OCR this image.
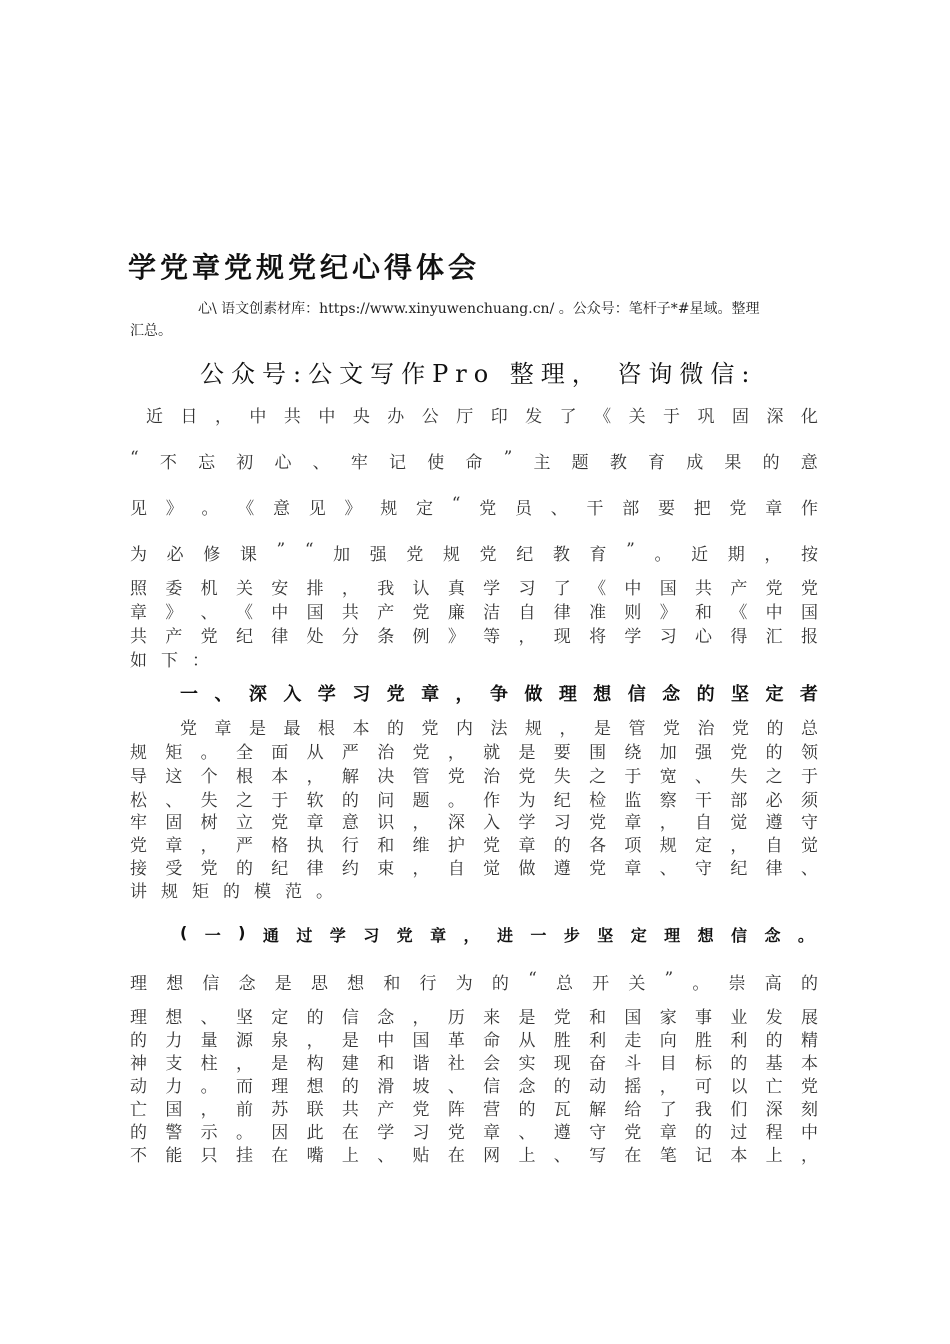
学党章党规党纪心得体会

心\ 语文创素材库：https://www.xinyuwenchuang.cn/ 。公众号：笔杆子*#星域。整理
汇总。

公众号:公文写作Pro 整理， 咨询微信:

近 日 ， 中 共 中 央 办 公 厅 印 发 了 《 关 于 巩 固 深 化
“ 不 忘 初 心 、 牢 记 使 命 ” 主 题 教 育 成 果 的 意
见 》 。 《 意 见 》 规 定 “ 党 员 、 干 部 要 把 党 章 作
为 必 修 课 ” “ 加 强 党 规 党 纪 教 育 ” 。 近 期 ， 按
照 委 机 关 安 排 ， 我 认 真 学 习 了 《 中 国 共 产 党 党
章 》 、 《 中 国 共 产 党 廉 洁 自 律 准 则 》 和 《 中 国
共 产 党 纪 律 处 分 条 例 》 等 ， 现 将 学 习 心 得 汇 报
如 下 ：
一 、 深 入 学 习 党 章 ， 争 做 理 想 信 念 的 坚 定 者
党 章 是 最 根 本 的 党 内 法 规 ， 是 管 党 治 党 的 总
规 矩 。 全 面 从 严 治 党 ， 就 是 要 围 绕 加 强 党 的 领
导 这 个 根 本 ， 解 决 管 党 治 党 失 之 于 宽 、 失 之 于
松 、 失 之 于 软 的 问 题 。 作 为 纪 检 监 察 干 部 必 须
牢 固 树 立 党 章 意 识 ， 深 入 学 习 党 章 ， 自 觉 遵 守
党 章 ， 严 格 执 行 和 维 护 党 章 的 各 项 规 定 ， 自 觉
接 受 党 的 纪 律 约 束 ， 自 觉 做 遵 党 章 、 守 纪 律 、
讲 规 矩 的 模 范 。
( 一 ) 通 过 学 习 党 章 ， 进 一 步 坚 定 理 想 信 念 。
理 想 信 念 是 思 想 和 行 为 的 “ 总 开 关 ” 。 崇 高 的
理 想 、 坚 定 的 信 念 ， 历 来 是 党 和 国 家 事 业 发 展
的 力 量 源 泉 ， 是 中 国 革 命 从 胜 利 走 向 胜 利 的 精
神 支 柱 ， 是 构 建 和 谐 社 会 实 现 奋 斗 目 标 的 基 本
动 力 。 而 理 想 的 滑 坡 、 信 念 的 动 摇 ， 可 以 亡 党
亡 国 ， 前 苏 联 共 产 党 阵 营 的 瓦 解 给 了 我 们 深 刻
的 警 示 。 因 此 在 学 习 党 章 、 遵 守 党 章 的 过 程 中
不 能 只 挂 在 嘴 上 、 贴 在 网 上 、 写 在 笔 记 本 上 ，
